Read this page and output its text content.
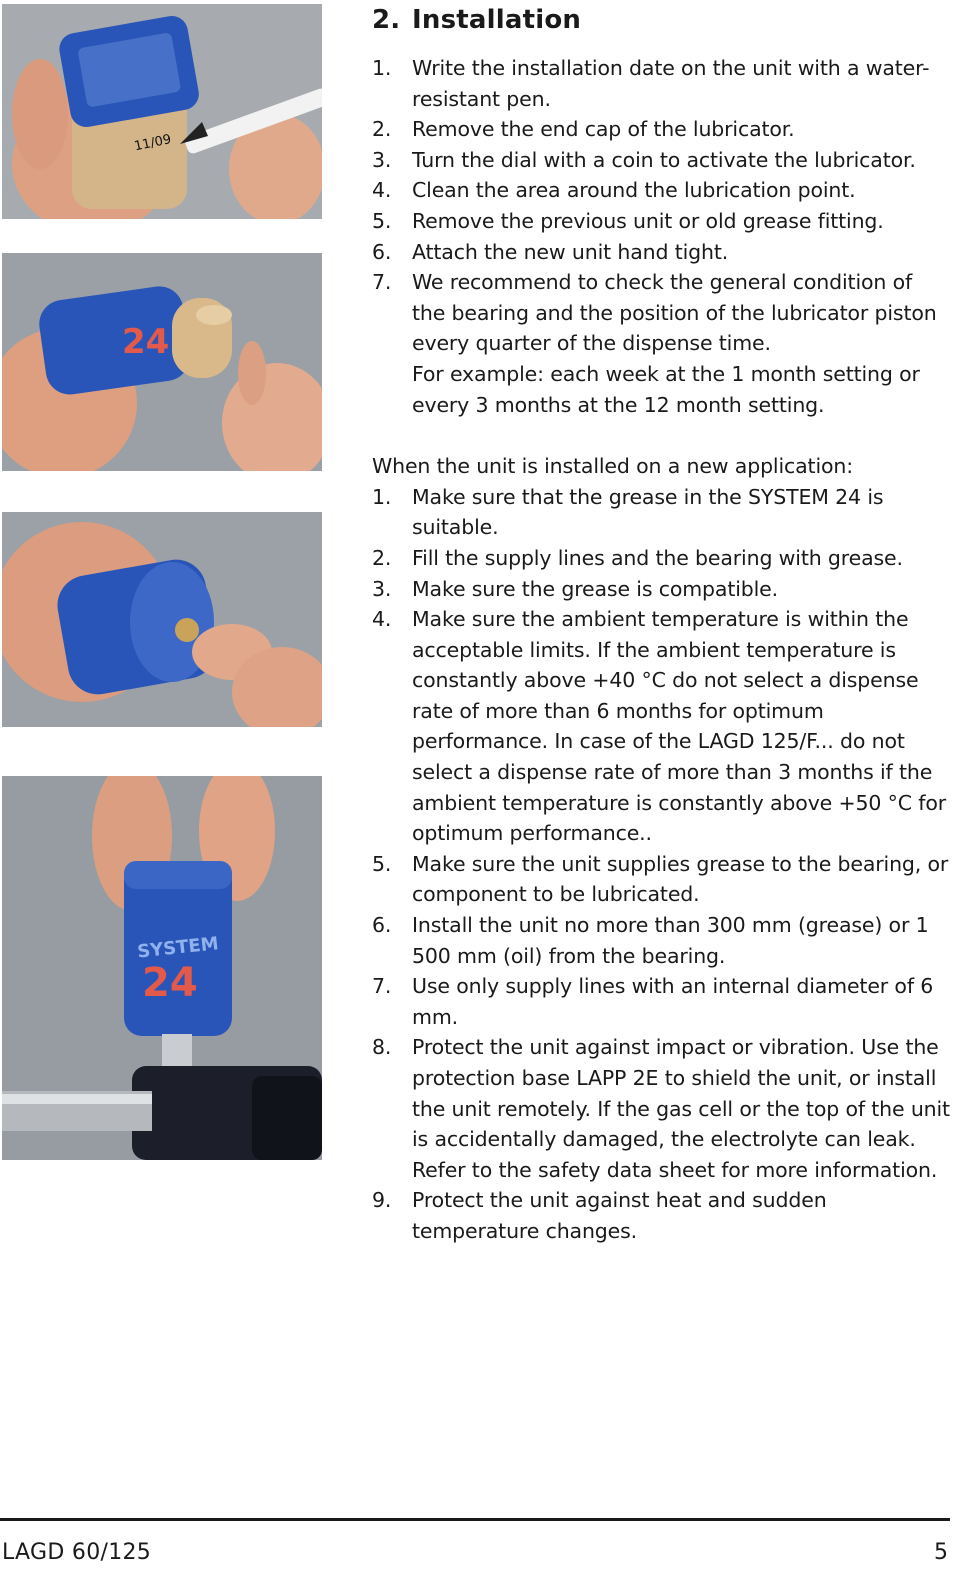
11/09
24
SYSTEM
24
2. Installation
1. Write the installation date on the unit with a water-resistant pen.
2. Remove the end cap of the lubricator.
3. Turn the dial with a coin to activate the lubricator.
4. Clean the area around the lubrication point.
5. Remove the previous unit or old grease fitting.
6. Attach the new unit hand tight.
7. We recommend to check the general condition of the bearing and the position of the lubricator piston every quarter of the dispense time.
For example: each week at the 1 month setting or every 3 months at the 12 month setting.

When the unit is installed on a new application:

1. Make sure that the grease in the SYSTEM 24 is suitable.
2. Fill the supply lines and the bearing with grease.
3. Make sure the grease is compatible.
4. Make sure the ambient temperature is within the acceptable limits. If the ambient temperature is constantly above +40 °C do not select a dispense rate of more than 6 months for optimum performance. In case of the LAGD 125/F... do not select a dispense rate of more than 3 months if the ambient temperature is constantly above +50 °C for optimum performance..
5. Make sure the unit supplies grease to the bearing, or component to be lubricated.
6. Install the unit no more than 300 mm (grease) or 1 500 mm (oil) from the bearing.
7. Use only supply lines with an internal diameter of 6 mm.
8. Protect the unit against impact or vibration. Use the protection base LAPP 2E to shield the unit, or install the unit remotely. If the gas cell or the top of the unit is accidentally damaged, the electrolyte can leak. Refer to the safety data sheet for more information.
9. Protect the unit against heat and sudden temperature changes.
LAGD 60/125	5
